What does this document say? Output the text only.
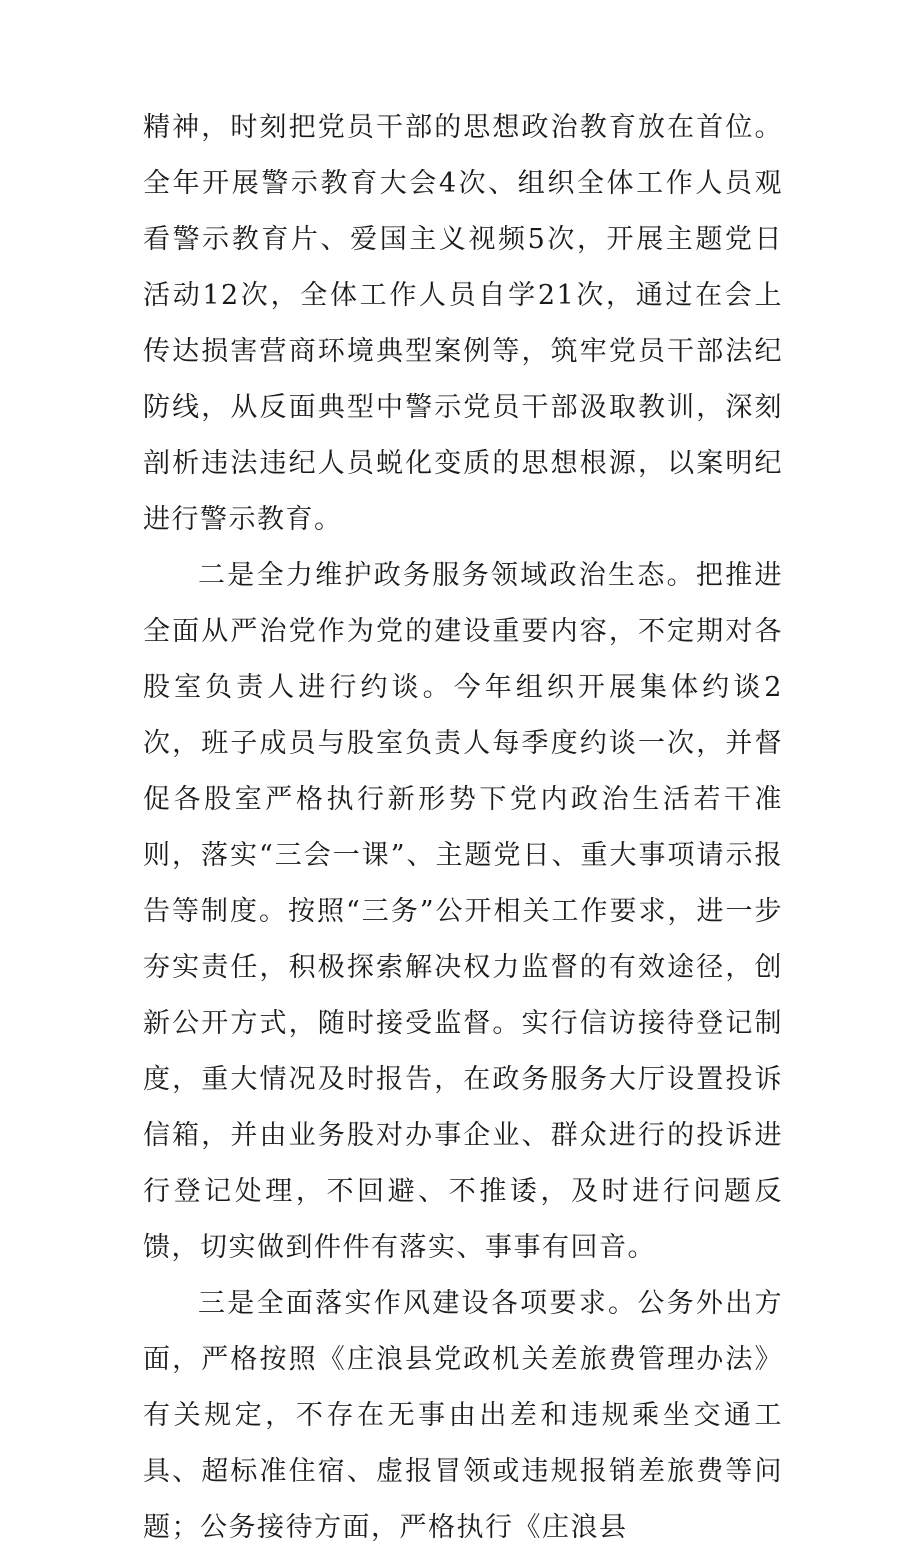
精神，时刻把党员干部的思想政治教育放在首位。全年开展警示教育大会4次、组织全体工作人员观看警示教育片、爱国主义视频5次，开展主题党日活动12次，全体工作人员自学21次，通过在会上传达损害营商环境典型案例等，筑牢党员干部法纪防线，从反面典型中警示党员干部汲取教训，深刻剖析违法违纪人员蜕化变质的思想根源，以案明纪进行警示教育。

二是全力维护政务服务领域政治生态。把推进全面从严治党作为党的建设重要内容，不定期对各股室负责人进行约谈。今年组织开展集体约谈2次，班子成员与股室负责人每季度约谈一次，并督促各股室严格执行新形势下党内政治生活若干准则，落实“三会一课”、主题党日、重大事项请示报告等制度。按照“三务”公开相关工作要求，进一步夯实责任，积极探索解决权力监督的有效途径，创新公开方式，随时接受监督。实行信访接待登记制度，重大情况及时报告，在政务服务大厅设置投诉信箱，并由业务股对办事企业、群众进行的投诉进行登记处理，不回避、不推诿，及时进行问题反馈，切实做到件件有落实、事事有回音。

三是全面落实作风建设各项要求。公务外出方面，严格按照《庄浪县党政机关差旅费管理办法》有关规定，不存在无事由出差和违规乘坐交通工具、超标准住宿、虚报冒领或违规报销差旅费等问题；公务接待方面，严格执行《庄浪县
